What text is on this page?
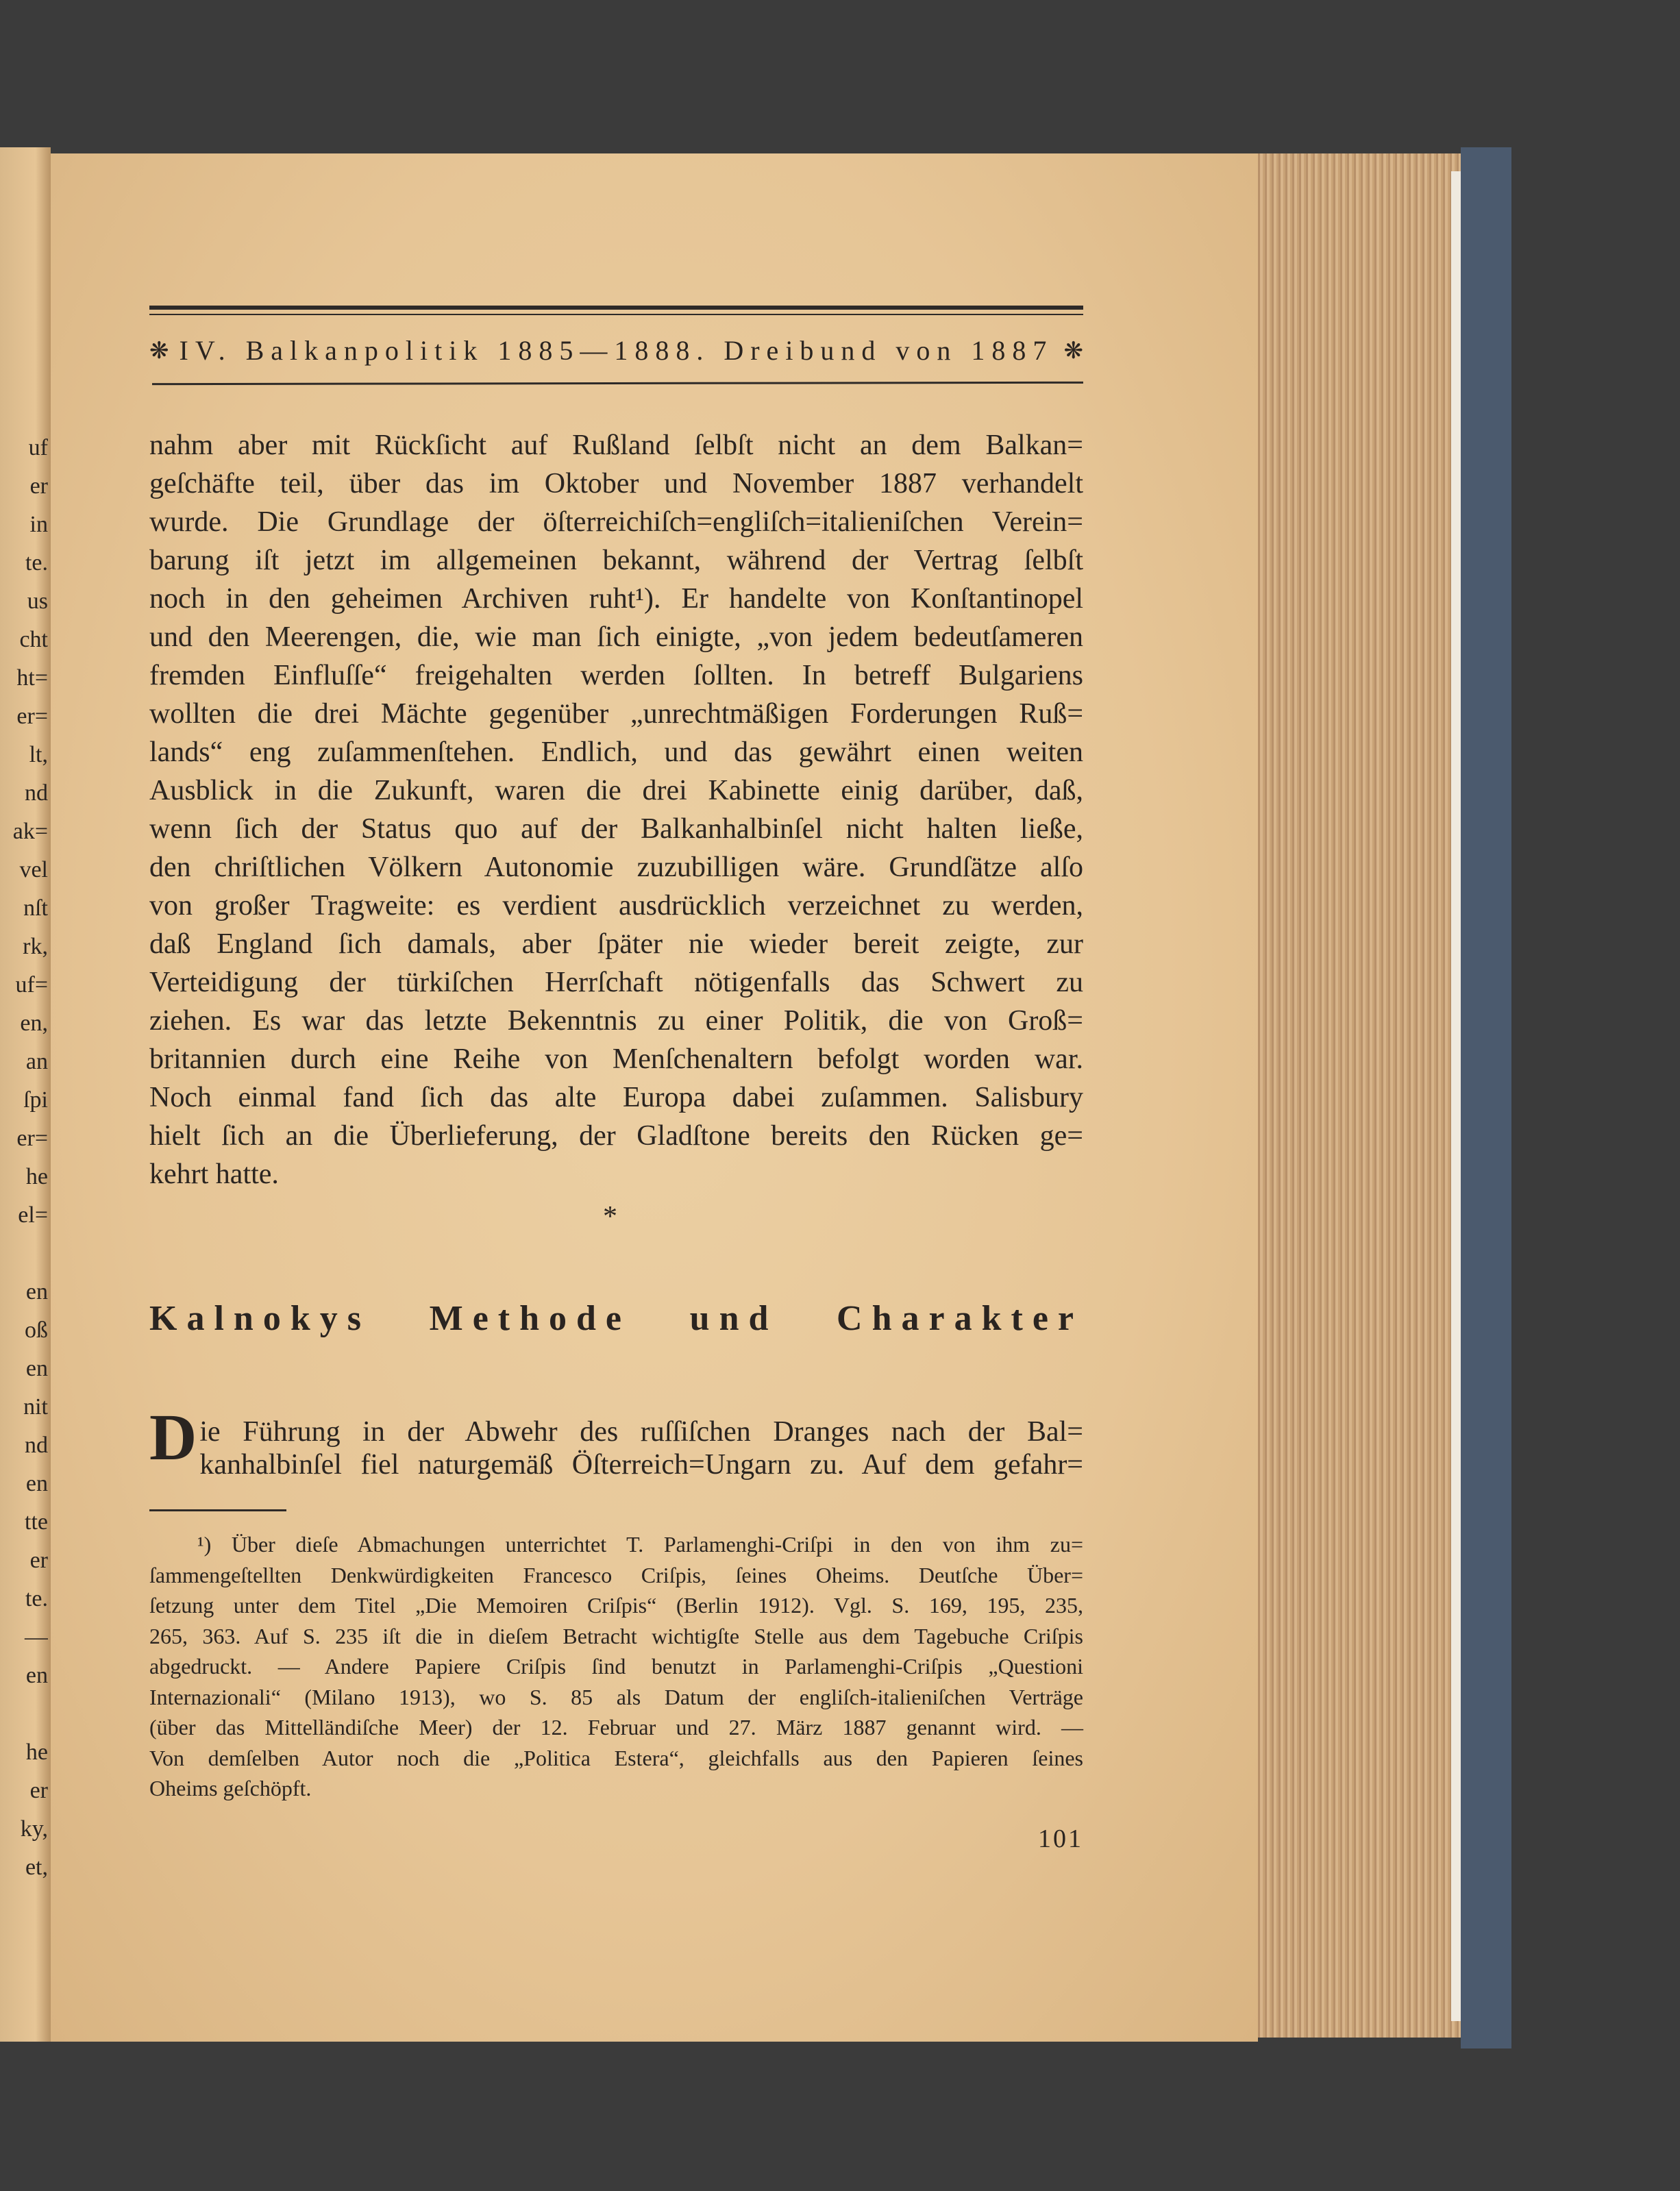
uf
er
in
te.
us
cht
ht=
er=
lt,
nd
ak=
vel
nſt
rk,
uf=
en,
an
ſpi
er=
he
el=
en
oß
en
nit
nd
en
tte
er
te.
—
en
he
er
ky,
et,
❋ IV. Balkanpolitik 1885—1888. Dreibund von 1887 ❋
nahm aber mit Rückſicht auf Rußland ſelbſt nicht an dem Balkan=
geſchäfte teil, über das im Oktober und November 1887 verhandelt
wurde. Die Grundlage der öſterreichiſch=engliſch=italieniſchen Verein=
barung iſt jetzt im allgemeinen bekannt, während der Vertrag ſelbſt
noch in den geheimen Archiven ruht¹). Er handelte von Konſtantinopel
und den Meerengen, die, wie man ſich einigte, „von jedem bedeutſameren
fremden Einfluſſe“ freigehalten werden ſollten. In betreff Bulgariens
wollten die drei Mächte gegenüber „unrechtmäßigen Forderungen Ruß=
lands“ eng zuſammenſtehen. Endlich, und das gewährt einen weiten
Ausblick in die Zukunft, waren die drei Kabinette einig darüber, daß,
wenn ſich der Status quo auf der Balkanhalbinſel nicht halten ließe,
den chriſtlichen Völkern Autonomie zuzubilligen wäre. Grundſätze alſo
von großer Tragweite: es verdient ausdrücklich verzeichnet zu werden,
daß England ſich damals, aber ſpäter nie wieder bereit zeigte, zur
Verteidigung der türkiſchen Herrſchaft nötigenfalls das Schwert zu
ziehen. Es war das letzte Bekenntnis zu einer Politik, die von Groß=
britannien durch eine Reihe von Menſchenaltern befolgt worden war.
Noch einmal fand ſich das alte Europa dabei zuſammen. Salisbury
hielt ſich an die Überlieferung, der Gladſtone bereits den Rücken ge=
kehrt hatte.
*
Kalnokys Methode und Charakter
D ie Führung in der Abwehr des ruſſiſchen Dranges nach der Bal=
kanhalbinſel fiel naturgemäß Öſterreich=Ungarn zu. Auf dem gefahr=
¹) Über dieſe Abmachungen unterrichtet T. Parlamenghi-Criſpi in den von ihm zu=
ſammengeſtellten Denkwürdigkeiten Francesco Criſpis, ſeines Oheims. Deutſche Über=
ſetzung unter dem Titel „Die Memoiren Criſpis“ (Berlin 1912). Vgl. S. 169, 195, 235,
265, 363. Auf S. 235 iſt die in dieſem Betracht wichtigſte Stelle aus dem Tagebuche Criſpis
abgedruckt. — Andere Papiere Criſpis ſind benutzt in Parlamenghi-Criſpis „Questioni
Internazionali“ (Milano 1913), wo S. 85 als Datum der engliſch-italieniſchen Verträge
(über das Mittelländiſche Meer) der 12. Februar und 27. März 1887 genannt wird. —
Von demſelben Autor noch die „Politica Estera“, gleichfalls aus den Papieren ſeines
Oheims geſchöpft.
101
